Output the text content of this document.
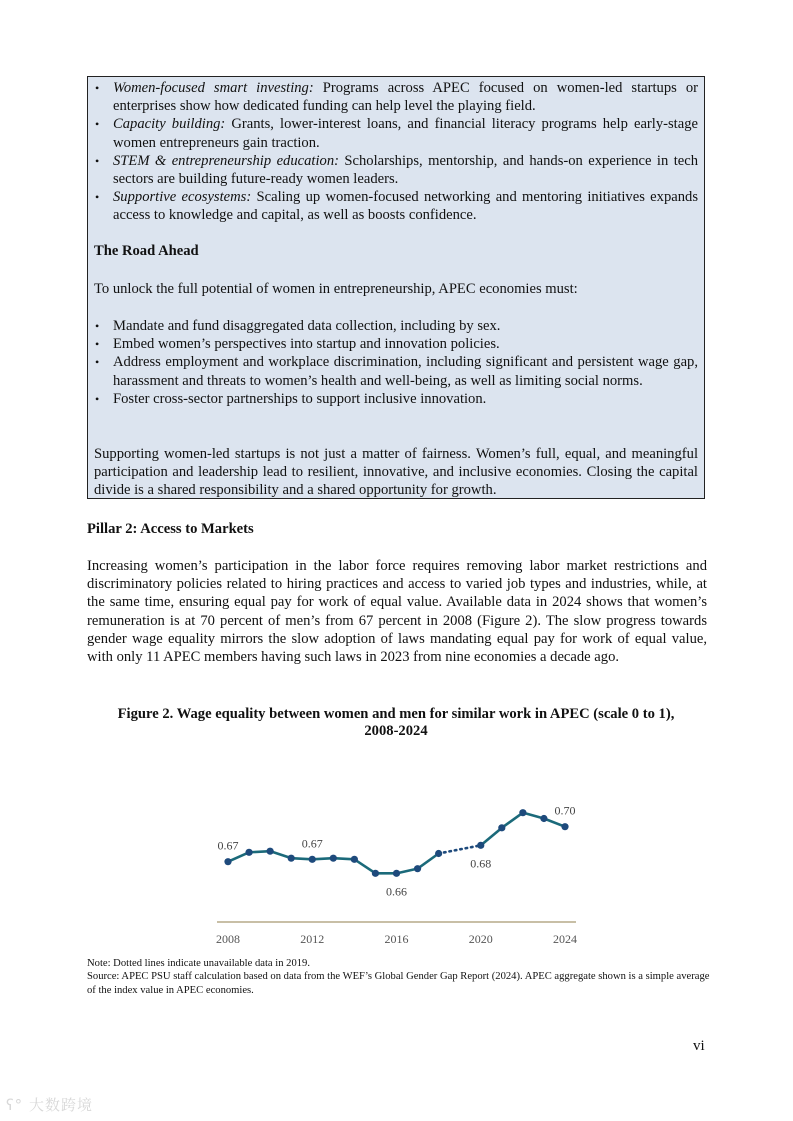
• Women-focused smart investing: Programs across APEC focused on women-led startups or enterprises show how dedicated funding can help level the playing field.
• Capacity building: Grants, lower-interest loans, and financial literacy programs help early-stage women entrepreneurs gain traction.
• STEM & entrepreneurship education: Scholarships, mentorship, and hands-on experience in tech sectors are building future-ready women leaders.
• Supportive ecosystems: Scaling up women-focused networking and mentoring initiatives expands access to knowledge and capital, as well as boosts confidence.
The Road Ahead
To unlock the full potential of women in entrepreneurship, APEC economies must:
• Mandate and fund disaggregated data collection, including by sex.
• Embed women’s perspectives into startup and innovation policies.
• Address employment and workplace discrimination, including significant and persistent wage gap, harassment and threats to women’s health and well-being, as well as limiting social norms.
• Foster cross-sector partnerships to support inclusive innovation.
Supporting women-led startups is not just a matter of fairness. Women’s full, equal, and meaningful participation and leadership lead to resilient, innovative, and inclusive economies. Closing the capital divide is a shared responsibility and a shared opportunity for growth.
Pillar 2: Access to Markets
Increasing women’s participation in the labor force requires removing labor market restrictions and discriminatory policies related to hiring practices and access to varied job types and industries, while, at the same time, ensuring equal pay for work of equal value. Available data in 2024 shows that women’s remuneration is at 70 percent of men’s from 67 percent in 2008 (Figure 2). The slow progress towards gender wage equality mirrors the slow adoption of laws mandating equal pay for work of equal value, with only 11 APEC members having such laws in 2023 from nine economies a decade ago.
Figure 2. Wage equality between women and men for similar work in APEC (scale 0 to 1),
2008-2024
2008	2012	2016	2020	2024
0.67	0.67
0.66
0.68
0.70
Note: Dotted lines indicate unavailable data in 2019.
Source: APEC PSU staff calculation based on data from the WEF’s Global Gender Gap Report (2024). APEC aggregate shown is a simple average of the index value in APEC economies.
vi
ʕ° 大数跨境
